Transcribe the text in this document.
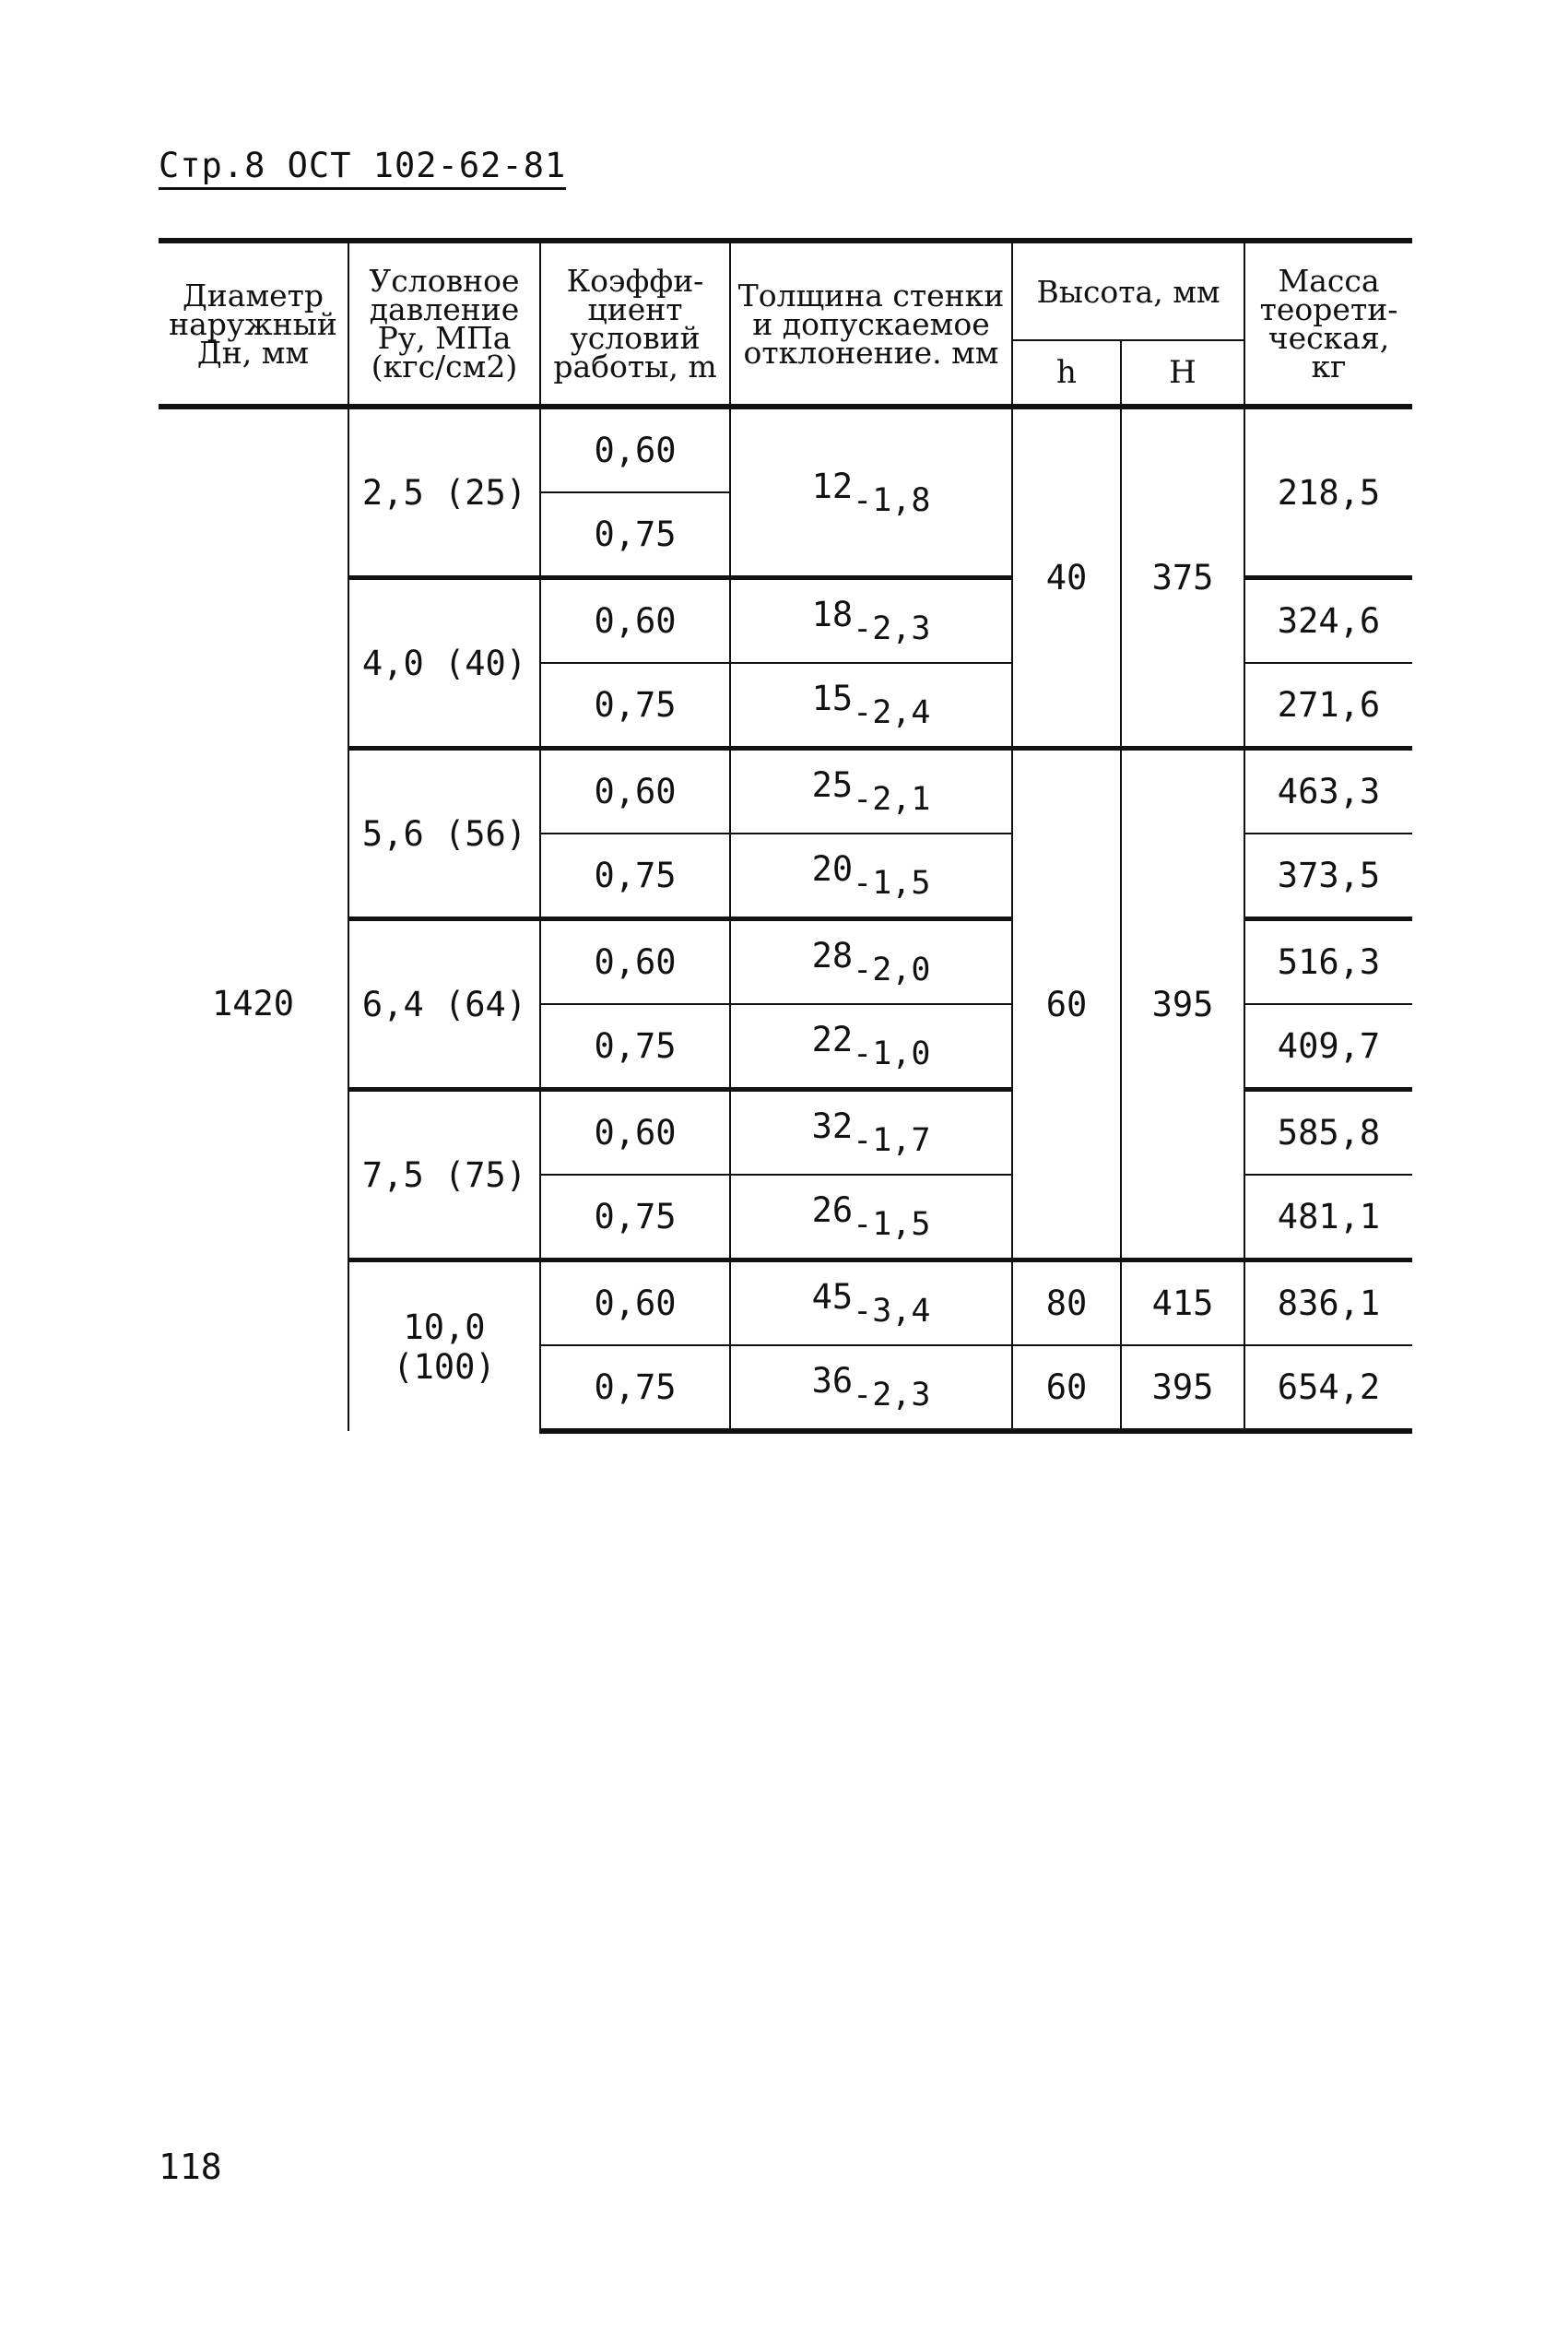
Стр.8 ОСТ 102-62-81
Диаметр наружный Дн, мм	Условное давление Ру, МПа (кгс/см2)	Коэффи- циент условий работы, m	Толщина стенки и допускаемое отклонение. мм	Высота, мм		Масса теорети- ческая, кг
				h	H	
1420	2,5 (25)	0,60	$12_{-1,8}$	40	375	218,5
		0,75				
	4,0 (40)	0,60	$18_{-2,3}$			324,6
		0,75	$15_{-2,4}$			271,6
	5,6 (56)	0,60	$25_{-2,1}$	60	395	463,3
		0,75	$20_{-1,5}$			373,5
	6,4 (64)	0,60	$28_{-2,0}$			516,3
		0,75	$22_{-1,0}$			409,7
	7,5 (75)	0,60	$32_{-1,7}$			585,8
		0,75	$26_{-1,5}$			481,1
	10,0 (100)	0,60	$45_{-3,4}$	80	415	836,1
		0,75	$36_{-2,3}$	60	395	654,2
118
